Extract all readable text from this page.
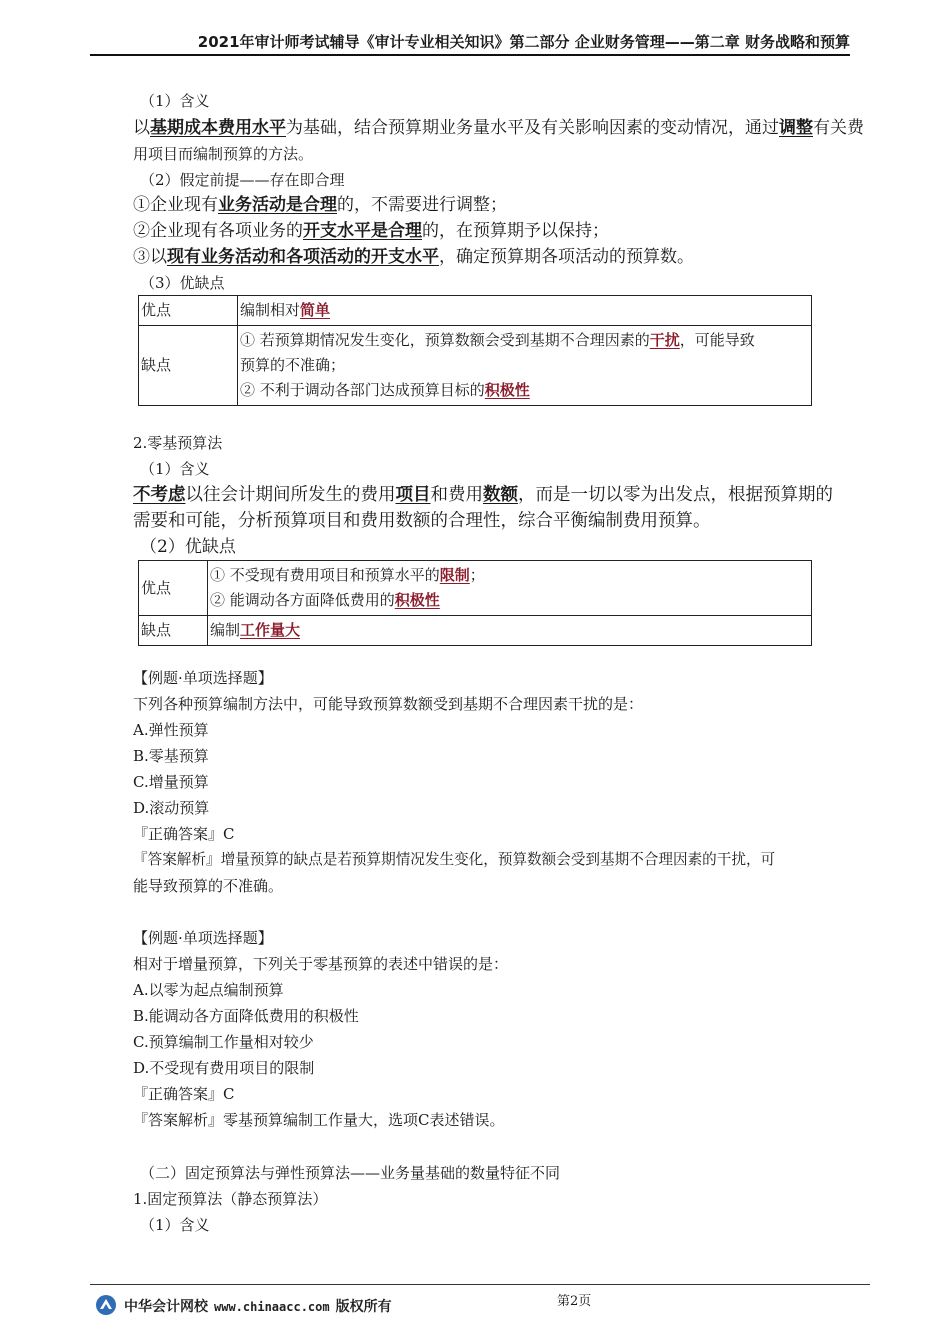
2021年审计师考试辅导《审计专业相关知识》第二部分 企业财务管理——第二章 财务战略和预算
（1）含义
以基期成本费用水平为基础，结合预算期业务量水平及有关影响因素的变动情况，通过调整有关费
用项目而编制预算的方法。
（2）假定前提——存在即合理
①企业现有业务活动是合理的，不需要进行调整；
②企业现有各项业务的开支水平是合理的，在预算期予以保持；
③以现有业务活动和各项活动的开支水平，确定预算期各项活动的预算数。
（3）优缺点
优点	编制相对简单
缺点	① 若预算期情况发生变化，预算数额会受到基期不合理因素的干扰，可能导致
预算的不准确；
② 不利于调动各部门达成预算目标的积极性
2.零基预算法
（1）含义
不考虑以往会计期间所发生的费用项目和费用数额，而是一切以零为出发点，根据预算期的
需要和可能，分析预算项目和费用数额的合理性，综合平衡编制费用预算。
（2）优缺点
优点	① 不受现有费用项目和预算水平的限制；
② 能调动各方面降低费用的积极性

缺点	编制工作量大
【例题·单项选择题】
下列各种预算编制方法中，可能导致预算数额受到基期不合理因素干扰的是：
A.弹性预算
B.零基预算
C.增量预算
D.滚动预算
『正确答案』C
『答案解析』增量预算的缺点是若预算期情况发生变化，预算数额会受到基期不合理因素的干扰，可
能导致预算的不准确。
【例题·单项选择题】
相对于增量预算，下列关于零基预算的表述中错误的是：
A.以零为起点编制预算
B.能调动各方面降低费用的积极性
C.预算编制工作量相对较少
D.不受现有费用项目的限制
『正确答案』C
『答案解析』零基预算编制工作量大，选项C表述错误。
（二）固定预算法与弹性预算法——业务量基础的数量特征不同
1.固定预算法（静态预算法）
（1）含义
第2页
中华会计网校 www.chinaacc.com 版权所有
